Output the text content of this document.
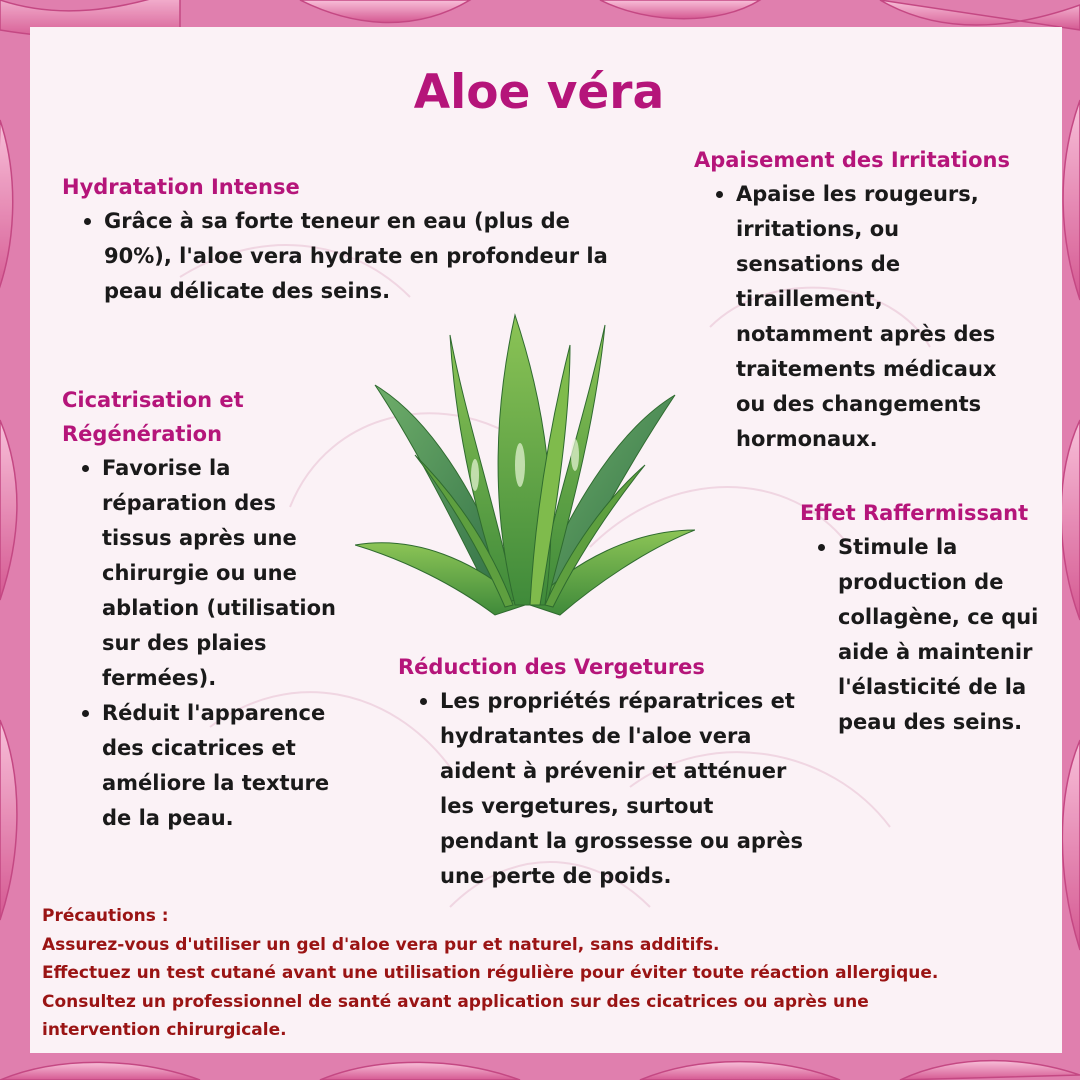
Aloe véra
Hydratation Intense
Grâce à sa forte teneur en eau (plus de 90%), l'aloe vera hydrate en profondeur la peau délicate des seins.
Apaisement des Irritations
Apaise les rougeurs, irritations, ou sensations de tiraillement, notamment après des traitements médicaux ou des changements hormonaux.
Cicatrisation et
Régénération
Favorise la réparation des tissus après une chirurgie ou une ablation (utilisation sur des plaies fermées).
Réduit l'apparence des cicatrices et améliore la texture de la peau.
Effet Raffermissant
Stimule la production de collagène, ce qui aide à maintenir l'élasticité de la peau des seins.
Réduction des Vergetures
Les propriétés réparatrices et hydratantes de l'aloe vera aident à prévenir et atténuer les vergetures, surtout pendant la grossesse ou après une perte de poids.
Précautions :
Assurez-vous d'utiliser un gel d'aloe vera pur et naturel, sans additifs.
Effectuez un test cutané avant une utilisation régulière pour éviter toute réaction allergique.
Consultez un professionnel de santé avant application sur des cicatrices ou après une
intervention chirurgicale.
